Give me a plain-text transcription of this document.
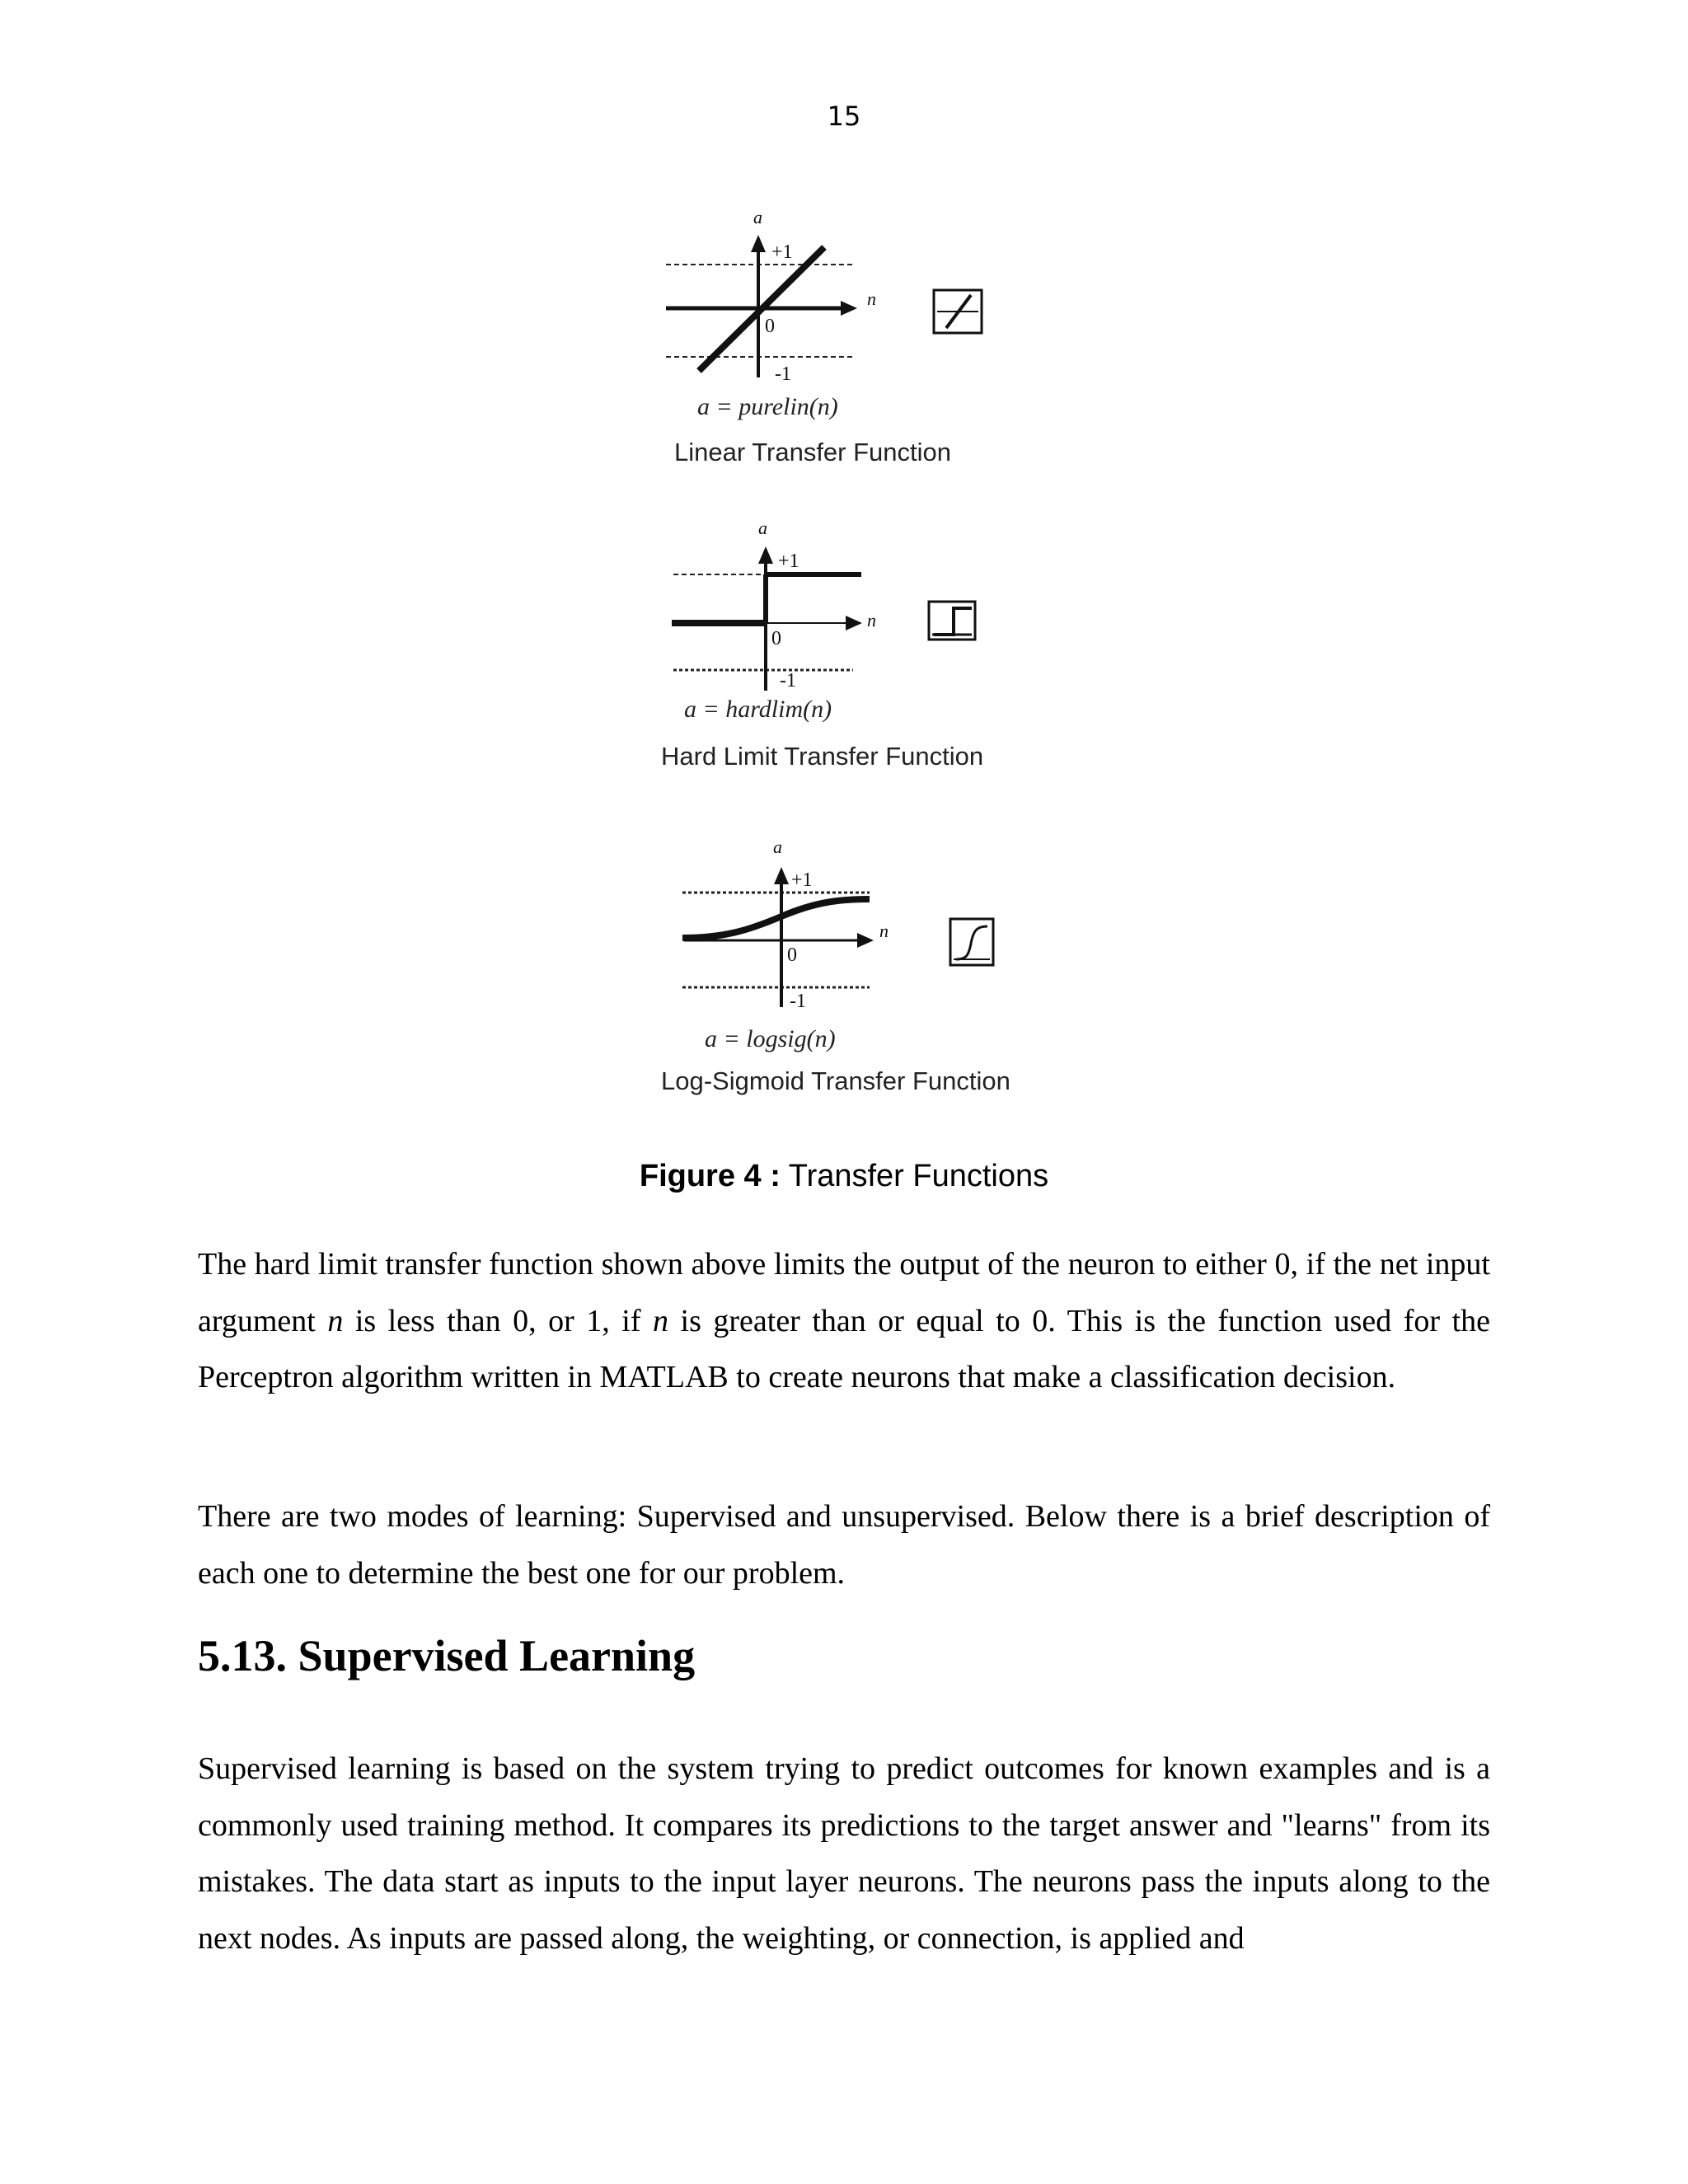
15
a
n
+1
0
-1
a = purelin(n)
Linear Transfer Function
a
n
+1
0
-1
a = hardlim(n)
Hard Limit Transfer Function
a
n
+1
0
-1
a = logsig(n)
Log-Sigmoid Transfer Function
Figure 4 : Transfer Functions

The hard limit transfer function shown above limits the output of the neuron to either 0, if the net input argument n is less than 0, or 1, if n is greater than or equal to 0. This is the function used for the Perceptron algorithm written in MATLAB to create neurons that make a classification decision.

There are two modes of learning: Supervised and unsupervised. Below there is a brief description of each one to determine the best one for our problem.

5.13. Supervised Learning

Supervised learning is based on the system trying to predict outcomes for known examples and is a commonly used training method. It compares its predictions to the target answer and "learns" from its mistakes. The data start as inputs to the input layer neurons. The neurons pass the inputs along to the next nodes. As inputs are passed along, the weighting, or connection, is applied and
